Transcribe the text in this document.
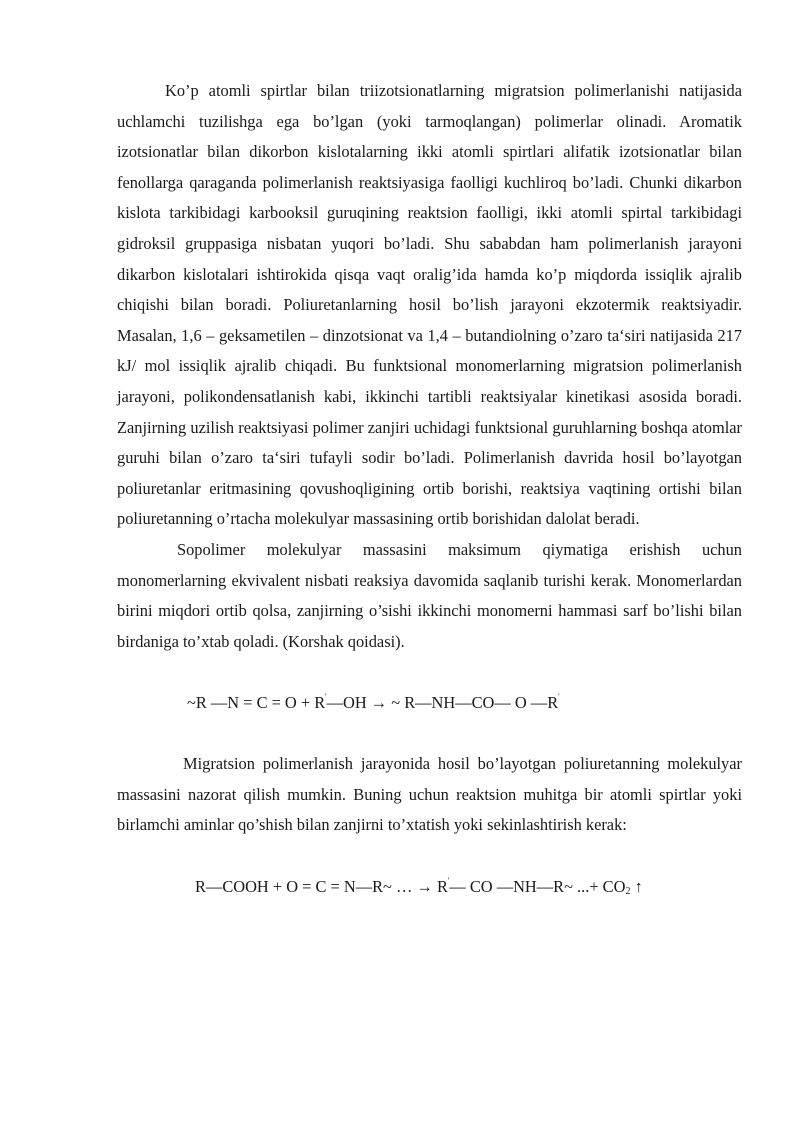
Ko’p atomli spirtlar bilan triizotsionatlarning migratsion polimerlanishi natijasida uchlamchi tuzilishga ega bo’lgan (yoki tarmoqlangan) polimerlar olinadi. Aromatik izotsionatlar bilan dikorbon kislotalarning ikki atomli spirtlari alifatik izotsionatlar bilan fenollarga qaraganda polimerlanish reaktsiyasiga faolligi kuchliroq bo’ladi. Chunki dikarbon kislota tarkibidagi karbooksil guruqining reaktsion faolligi, ikki atomli spirtal tarkibidagi gidroksil gruppasiga nisbatan yuqori bo’ladi. Shu sababdan ham polimerlanish jarayoni dikarbon kislotalari ishtirokida qisqa vaqt oralig’ida hamda ko’p miqdorda issiqlik ajralib chiqishi bilan boradi. Poliuretanlarning hosil bo’lish jarayoni ekzotermik reaktsiyadir. Masalan, 1,6 – geksametilen – dinzotsionat va 1,4 – butandiolning o’zaro ta‘siri natijasida 217 kJ/ mol issiqlik ajralib chiqadi. Bu funktsional monomerlarning migratsion polimerlanish jarayoni, polikondensatlanish kabi, ikkinchi tartibli reaktsiyalar kinetikasi asosida boradi. Zanjirning uzilish reaktsiyasi polimer zanjiri uchidagi funktsional guruhlarning boshqa atomlar guruhi bilan o’zaro ta‘siri tufayli sodir bo’ladi. Polimerlanish davrida hosil bo’layotgan poliuretanlar eritmasining qovushoqligining ortib borishi, reaktsiya vaqtining ortishi bilan poliuretanning o’rtacha molekulyar massasining ortib borishidan dalolat beradi.

Sopolimer molekulyar massasini maksimum qiymatiga erishish uchun monomerlarning ekvivalent nisbati reaksiya davomida saqlanib turishi kerak. Monomerlardan birini miqdori ortib qolsa, zanjirning o’sishi ikkinchi monomerni hammasi sarf bo’lishi bilan birdaniga to’xtab qoladi. (Korshak qoidasi).

~R —N = C = O + R'—OH → ~ R—NH—CO— O —R'

Migratsion polimerlanish jarayonida hosil bo’layotgan poliuretanning molekulyar massasini nazorat qilish mumkin. Buning uchun reaktsion muhitga bir atomli spirtlar yoki birlamchi aminlar qo’shish bilan zanjirni to’xtatish yoki sekinlashtirish kerak:

R—COOH + O = C = N—R~ … → R'— CO —NH—R~ ...+ $CO_2$ ↑
